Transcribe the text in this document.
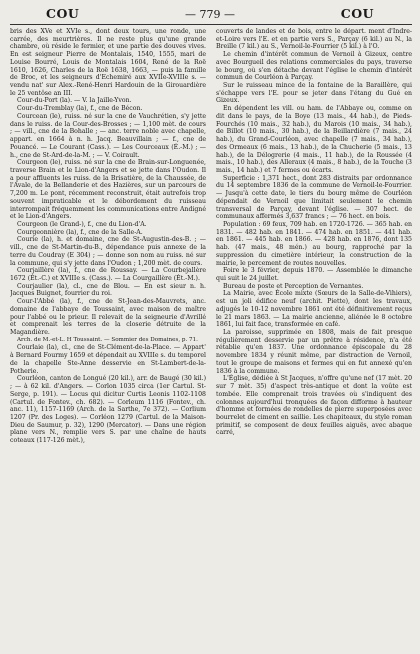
COU	— 779 —	COU

bris des XVe et XVIe s., dont deux tours, une ronde, une carrée, des meurtrières. Il ne reste plus qu'une grande chambre, où réside le fermier, et une partie des douves vives. En est seigneur Pierre de Montalais, 1540, 1555, mari de Louise Bourré, Louis de Montalais 1604, René de la Roë 1610, 1626, Charles de la Roë 1638, 1663, — puis la famille de Broc, et les seigneurs d'Echemiré aux XVIIe-XVIIIe s. — vendu nat' sur Alex.-René-Henri Hardouin de la Girouardière le 25 ventôse an III.

Cour-du-Port (la). — V. la Jaille-Yvon.

Cour-du-Tremblay (la), f., cne de Bécon.

Courcean (le), ruiss. né sur la cne de Vauchrétien, s'y jette dans le ruiss. de la Cour-des-Brosses ; — 1,100 mèt. de cours ; — vill., cne de la Bohalle ; — anc. terre noble avec chapelle, appart. en 1664 à n. h. Jacq. Beauvillain ; — f., cne de Pouancé. — Le Courant (Cass.). — Les Courceaux (É.-M.) ; — h., cne de St-Ard-de-la-M. ; — V. Coirault.

Courgeon (le), ruiss. né sur la cne de Brain-sur-Longuenée, traverse Brain et le Lion-d'Angers et se jette dans l'Oudon. Il a pour affluents les ruiss. de la Brisatière, de la Chaussée, de l'Avale, de la Bellanderie et des Hazières, sur un parcours de 7,200 m. Le pont, récemment reconstruit, était autrefois trop souvent impraticable et le débordement du ruisseau interrompait fréquemment les communications entre Andigné et le Lion-d'Angers.

Courgeon (le Grand-), f., cne du Lion-d'A.

Courgeonnière (la), f., cne de la Salle-A.

Courie (la), h. et domaine, cne de St-Augustin-des-B. ; — vill., cne de St-Martin-du-B., dépendance puis annexe de la terre du Coudray (E 304) ; — donne son nom au ruiss. né sur la commune, qui s'y jette dans l'Oudon ; 1,200 mèt. de cours.

Courjaillère (la), f., cne de Roussay. — La Courbejallère 1672 (Ét.-C.) et XVIIIe s. (Cass.). — La Courgaillère (Ét.-M.).

Courjaulier (la), cl., cne de Blou. — En est sieur n. h. Jacques Buignet, fourrier du roi.

Cour-l'Abbé (la), f., cne de St-Jean-des-Mauvrets, anc. domaine de l'abbaye de Toussaint, avec maison de maître pour l'abbé ou le prieur. Il relevait de la seigneurie d'Avrillé et comprenait les terres de la closerie détruite de la Magandière.

Arch. de M.-et-L. H Toussaint. — Sommier des Domaines, p. 71.

Courlaie (la), cl., cne de St-Clément-de-la-Place. — Appart' à Bernard Fourmy 1659 et dépendait au XVIIIe s. du temporel de la chapelle Ste-Anne desservie en St-Lambert-de-la-Potherie.

Courléon, canton de Longué (20 kil.), arr. de Baugé (30 kil.) ; — à 62 kil. d'Angers. — Corlon 1035 circa (1er Cartul. St-Serge, p. 191). — Locus qui dicitur Curtis Leonis 1102-1108 (Cartul. de Fontev., ch. 682). — Corleum 1116 (Fontev., ch. anc. 11), 1157-1169 (Arch. de la Sarthe, 7e 372). — Corlium 1207 (Pr. des Loges). — Corléon 1279 (Cartul. de la Maison-Dieu de Saumur, p. 32), 1290 (Mercator). — Dans une région plane vers N., remplie vers S. par une chaîne de hauts coteaux (117-126 mèt.),

couverts de landes et de bois, entre le départ. ment d'Indre-et-Loire vers l'E. et en partie vers S., Parçay (6 kil.) au N., la Breille (7 kil.) au S., Vernoil-le-Fourrier (5 kil.) à l'O.

Le chemin d'intérêt commun de Vernoil à Gizeux, centre avec Bourgueil des relations commerciales du pays, traverse le bourg, où s'en détache devant l'église le chemin d'intérêt commun de Courléon à Parçay.

Sur le ruisseau mince de la fontaine de la Baraillère, qui s'échappe vers l'E. pour se jeter dans l'étang du Gué en Gizeux.

En dépendent les vill. ou ham. de l'Abbaye ou, comme on dit dans le pays, de la Boye (13 mais., 44 hab.), de Pieds-Fourchés (10 mais., 32 hab.), du Marois (10 mais., 34 hab.), de Billot (10 mais., 30 hab.), de la Beillardière (7 mais., 24 hab.), du Grand-Courléon, avec chapelle (7 mais., 34 hab.), des Ormeaux (6 mais., 13 hab.), de la Chucherie (5 mais., 13 hab.), de la Délogrerie (4 mais., 11 hab.), de la Roussée (4 mais., 10 hab.), des Alleraux (4 mais., 8 hab.), de la Touche (3 mais., 14 hab.) et 7 fermes ou écarts.

Superficie : 1,371 hect., dont 283 distraits par ordonnance du 14 septembre 1836 de la commune de Vernoil-le-Fourrier. — Jusqu'à cette date, le tiers du bourg même de Courléon dépendait de Vernoil que limitait seulement le chemin transversal de Parçay, devant l'église. — 307 hect. de communaux affermés 3,637 francs ; — 76 hect. en bois.

Population : 69 feux, 709 hab. en 1720-1726. — 365 hab. en 1831. — 482 hab. en 1841. — 474 hab. en 1851. — 441 hab. en 1861. — 445 hab. en 1866. — 428 hab. en 1876, dont 135 hab. (47 mais., 48 mén.) au bourg, rapproché par la suppression du cimetière intérieur, la construction de la mairie, le percement de routes nouvelles.

Foire le 3 février, depuis 1870. — Assemblée le dimanche qui suit le 24 juillet.

Bureau de poste et Perception de Vernantes.

La Mairie, avec École mixte (Sœurs de la Salle-de-Vihiers), est un joli édifice neuf (archit. Piette), dont les travaux, adjugés le 10-12 novembre 1861 ont été définitivement reçus le 21 mars 1863. — La mairie ancienne, aliénée le 8 octobre 1861, lui fait face, transformée en café.

La paroisse, supprimée en 1808, mais de fait presque régulièrement desservie par un prêtre à résidence, n'a été rétablie qu'en 1837. Une ordonnance épiscopale du 28 novembre 1834 y réunit même, par distraction de Vernoil, tout le groupe de maisons et fermes qui en fut annexé qu'en 1836 à la commune.

L'Église, dédiée à St Jacques, n'offre qu'une nef (17 mèt. 20 sur 7 mèt. 35) d'aspect très-antique et dont la voûte est tombée. Elle comprenait trois travées où s'indiquent des colonnes aujourd'hui tronquées de façon difforme à hauteur d'homme et formées de rondelles de pierre superposées avec bourrelet de ciment en saillie. Les chapiteaux, du style roman primitif, se composent de deux feuilles aiguës, avec abaque carré,
